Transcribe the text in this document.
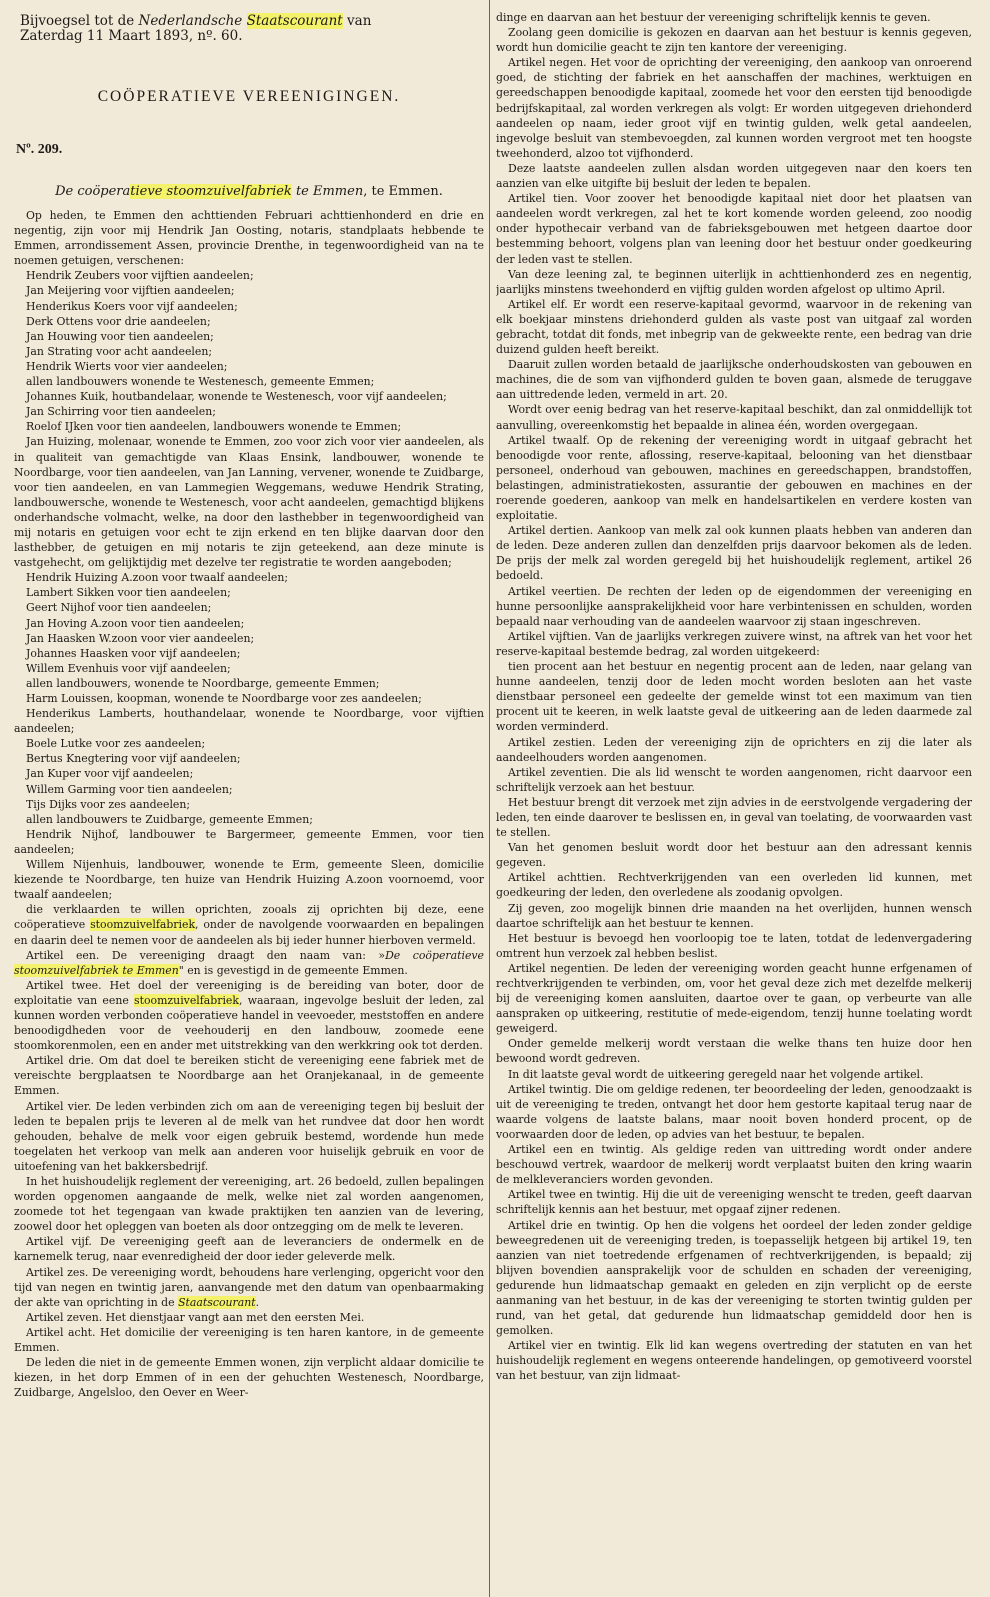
Bijvoegsel tot de Nederlandsche Staatscourant van
Zaterdag 11 Maart 1893, nº. 60.
COÖPERATIEVE VEREENIGINGEN.
Nº. 209.
De coöperatieve stoomzuivelfabriek te Emmen, te Emmen.

Op heden, te Emmen den achttienden Februari achttienhonderd en drie en negentig, zijn voor mij Hendrik Jan Oosting, notaris, standplaats hebbende te Emmen, arrondissement Assen, provincie Drenthe, in tegenwoordigheid van na te noemen getuigen, verschenen:

Hendrik Zeubers voor vijftien aandeelen;

Jan Meijering voor vijftien aandeelen;

Henderikus Koers voor vijf aandeelen;

Derk Ottens voor drie aandeelen;

Jan Houwing voor tien aandeelen;

Jan Strating voor acht aandeelen;

Hendrik Wierts voor vier aandeelen;

allen landbouwers wonende te Westenesch, gemeente Emmen;

Johannes Kuik, houtbandelaar, wonende te Westenesch, voor vijf aandeelen;

Jan Schirring voor tien aandeelen;

Roelof IJken voor tien aandeelen, landbouwers wonende te Emmen;

Jan Huizing, molenaar, wonende te Emmen, zoo voor zich voor vier aandeelen, als in qualiteit van gemachtigde van Klaas Ensink, landbouwer, wonende te Noordbarge, voor tien aandeelen, van Jan Lanning, vervener, wonende te Zuidbarge, voor tien aandeelen, en van Lammegien Weggemans, weduwe Hendrik Strating, landbouwersche, wonende te Westenesch, voor acht aandeelen, gemachtigd blijkens onderhandsche volmacht, welke, na door den lasthebber in tegenwoordigheid van mij notaris en getuigen voor echt te zijn erkend en ten blijke daarvan door den lasthebber, de getuigen en mij notaris te zijn geteekend, aan deze minute is vastgehecht, om gelijktijdig met dezelve ter registratie te worden aangeboden;

Hendrik Huizing A.zoon voor twaalf aandeelen;

Lambert Sikken voor tien aandeelen;

Geert Nijhof voor tien aandeelen;

Jan Hoving A.zoon voor tien aandeelen;

Jan Haasken W.zoon voor vier aandeelen;

Johannes Haasken voor vijf aandeelen;

Willem Evenhuis voor vijf aandeelen;

allen landbouwers, wonende te Noordbarge, gemeente Emmen;

Harm Louissen, koopman, wonende te Noordbarge voor zes aandeelen;

Henderikus Lamberts, houthandelaar, wonende te Noordbarge, voor vijftien aandeelen;

Boele Lutke voor zes aandeelen;

Bertus Knegtering voor vijf aandeelen;

Jan Kuper voor vijf aandeelen;

Willem Garming voor tien aandeelen;

Tijs Dijks voor zes aandeelen;

allen landbouwers te Zuidbarge, gemeente Emmen;

Hendrik Nijhof, landbouwer te Bargermeer, gemeente Emmen, voor tien aandeelen;

Willem Nijenhuis, landbouwer, wonende te Erm, gemeente Sleen, domicilie kiezende te Noordbarge, ten huize van Hendrik Huizing A.zoon voornoemd, voor twaalf aandeelen;

die verklaarden te willen oprichten, zooals zij oprichten bij deze, eene coöperatieve stoomzuivelfabriek, onder de navolgende voorwaarden en bepalingen en daarin deel te nemen voor de aandeelen als bij ieder hunner hierboven vermeld.

Artikel een. De vereeniging draagt den naam van: »De coöperatieve stoomzuivelfabriek te Emmen" en is gevestigd in de gemeente Emmen.

Artikel twee. Het doel der vereeniging is de bereiding van boter, door de exploitatie van eene stoomzuivelfabriek, waaraan, ingevolge besluit der leden, zal kunnen worden verbonden coöperatieve handel in veevoeder, meststoffen en andere benoodigdheden voor de veehouderij en den landbouw, zoomede eene stoomkorenmolen, een en ander met uitstrekking van den werkkring ook tot derden.

Artikel drie. Om dat doel te bereiken sticht de vereeniging eene fabriek met de vereischte bergplaatsen te Noordbarge aan het Oranjekanaal, in de gemeente Emmen.

Artikel vier. De leden verbinden zich om aan de vereeniging tegen bij besluit der leden te bepalen prijs te leveren al de melk van het rundvee dat door hen wordt gehouden, behalve de melk voor eigen gebruik bestemd, wordende hun mede toegelaten het verkoop van melk aan anderen voor huiselijk gebruik en voor de uitoefening van het bakkersbedrijf.

In het huishoudelijk reglement der vereeniging, art. 26 bedoeld, zullen bepalingen worden opgenomen aangaande de melk, welke niet zal worden aangenomen, zoomede tot het tegengaan van kwade praktijken ten aanzien van de levering, zoowel door het opleggen van boeten als door ontzegging om de melk te leveren.

Artikel vijf. De vereeniging geeft aan de leveranciers de ondermelk en de karnemelk terug, naar evenredigheid der door ieder geleverde melk.

Artikel zes. De vereeniging wordt, behoudens hare verlenging, opgericht voor den tijd van negen en twintig jaren, aanvangende met den datum van openbaarmaking der akte van oprichting in de Staatscourant.

Artikel zeven. Het dienstjaar vangt aan met den eersten Mei.

Artikel acht. Het domicilie der vereeniging is ten haren kantore, in de gemeente Emmen.

De leden die niet in de gemeente Emmen wonen, zijn verplicht aldaar domicilie te kiezen, in het dorp Emmen of in een der gehuchten Westenesch, Noordbarge, Zuidbarge, Angelsloo, den Oever en Weer-

dinge en daarvan aan het bestuur der vereeniging schriftelijk kennis te geven.

Zoolang geen domicilie is gekozen en daarvan aan het bestuur is kennis gegeven, wordt hun domicilie geacht te zijn ten kantore der vereeniging.

Artikel negen. Het voor de oprichting der vereeniging, den aankoop van onroerend goed, de stichting der fabriek en het aanschaffen der machines, werktuigen en gereedschappen benoodigde kapitaal, zoomede het voor den eersten tijd benoodigde bedrijfskapitaal, zal worden verkregen als volgt: Er worden uitgegeven driehonderd aandeelen op naam, ieder groot vijf en twintig gulden, welk getal aandeelen, ingevolge besluit van stembevoegden, zal kunnen worden vergroot met ten hoogste tweehonderd, alzoo tot vijfhonderd.

Deze laatste aandeelen zullen alsdan worden uitgegeven naar den koers ten aanzien van elke uitgifte bij besluit der leden te bepalen.

Artikel tien. Voor zoover het benoodigde kapitaal niet door het plaatsen van aandeelen wordt verkregen, zal het te kort komende worden geleend, zoo noodig onder hypothecair verband van de fabrieksgebouwen met hetgeen daartoe door bestemming behoort, volgens plan van leening door het bestuur onder goedkeuring der leden vast te stellen.

Van deze leening zal, te beginnen uiterlijk in achttienhonderd zes en negentig, jaarlijks minstens tweehonderd en vijftig gulden worden afgelost op ultimo April.

Artikel elf. Er wordt een reserve-kapitaal gevormd, waarvoor in de rekening van elk boekjaar minstens driehonderd gulden als vaste post van uitgaaf zal worden gebracht, totdat dit fonds, met inbegrip van de gekweekte rente, een bedrag van drie duizend gulden heeft bereikt.

Daaruit zullen worden betaald de jaarlijksche onderhoudskosten van gebouwen en machines, die de som van vijfhonderd gulden te boven gaan, alsmede de teruggave aan uittredende leden, vermeld in art. 20.

Wordt over eenig bedrag van het reserve-kapitaal beschikt, dan zal onmiddellijk tot aanvulling, overeenkomstig het bepaalde in alinea één, worden overgegaan.

Artikel twaalf. Op de rekening der vereeniging wordt in uitgaaf gebracht het benoodigde voor rente, aflossing, reserve-kapitaal, belooning van het dienstbaar personeel, onderhoud van gebouwen, machines en gereedschappen, brandstoffen, belastingen, administratiekosten, assurantie der gebouwen en machines en der roerende goederen, aankoop van melk en handelsartikelen en verdere kosten van exploitatie.

Artikel dertien. Aankoop van melk zal ook kunnen plaats hebben van anderen dan de leden. Deze anderen zullen dan denzelfden prijs daarvoor bekomen als de leden. De prijs der melk zal worden geregeld bij het huishoudelijk reglement, artikel 26 bedoeld.

Artikel veertien. De rechten der leden op de eigendommen der vereeniging en hunne persoonlijke aansprakelijkheid voor hare verbintenissen en schulden, worden bepaald naar verhouding van de aandeelen waarvoor zij staan ingeschreven.

Artikel vijftien. Van de jaarlijks verkregen zuivere winst, na aftrek van het voor het reserve-kapitaal bestemde bedrag, zal worden uitgekeerd:

tien procent aan het bestuur en negentig procent aan de leden, naar gelang van hunne aandeelen, tenzij door de leden mocht worden besloten aan het vaste dienstbaar personeel een gedeelte der gemelde winst tot een maximum van tien procent uit te keeren, in welk laatste geval de uitkeering aan de leden daarmede zal worden verminderd.

Artikel zestien. Leden der vereeniging zijn de oprichters en zij die later als aandeelhouders worden aangenomen.

Artikel zeventien. Die als lid wenscht te worden aangenomen, richt daarvoor een schriftelijk verzoek aan het bestuur.

Het bestuur brengt dit verzoek met zijn advies in de eerstvolgende vergadering der leden, ten einde daarover te beslissen en, in geval van toelating, de voorwaarden vast te stellen.

Van het genomen besluit wordt door het bestuur aan den adressant kennis gegeven.

Artikel achttien. Rechtverkrijgenden van een overleden lid kunnen, met goedkeuring der leden, den overledene als zoodanig opvolgen.

Zij geven, zoo mogelijk binnen drie maanden na het overlijden, hunnen wensch daartoe schriftelijk aan het bestuur te kennen.

Het bestuur is bevoegd hen voorloopig toe te laten, totdat de ledenvergadering omtrent hun verzoek zal hebben beslist.

Artikel negentien. De leden der vereeniging worden geacht hunne erfgenamen of rechtverkrijgenden te verbinden, om, voor het geval deze zich met dezelfde melkerij bij de vereeniging komen aansluiten, daartoe over te gaan, op verbeurte van alle aanspraken op uitkeering, restitutie of mede-eigendom, tenzij hunne toelating wordt geweigerd.

Onder gemelde melkerij wordt verstaan die welke thans ten huize door hen bewoond wordt gedreven.

In dit laatste geval wordt de uitkeering geregeld naar het volgende artikel.

Artikel twintig. Die om geldige redenen, ter beoordeeling der leden, genoodzaakt is uit de vereeniging te treden, ontvangt het door hem gestorte kapitaal terug naar de waarde volgens de laatste balans, maar nooit boven honderd procent, op de voorwaarden door de leden, op advies van het bestuur, te bepalen.

Artikel een en twintig. Als geldige reden van uittreding wordt onder andere beschouwd vertrek, waardoor de melkerij wordt verplaatst buiten den kring waarin de melkleveranciers worden gevonden.

Artikel twee en twintig. Hij die uit de vereeniging wenscht te treden, geeft daarvan schriftelijk kennis aan het bestuur, met opgaaf zijner redenen.

Artikel drie en twintig. Op hen die volgens het oordeel der leden zonder geldige beweegredenen uit de vereeniging treden, is toepasselijk hetgeen bij artikel 19, ten aanzien van niet toetredende erfgenamen of rechtverkrijgenden, is bepaald; zij blijven bovendien aansprakelijk voor de schulden en schaden der vereeniging, gedurende hun lidmaatschap gemaakt en geleden en zijn verplicht op de eerste aanmaning van het bestuur, in de kas der vereeniging te storten twintig gulden per rund, van het getal, dat gedurende hun lidmaatschap gemiddeld door hen is gemolken.

Artikel vier en twintig. Elk lid kan wegens overtreding der statuten en van het huishoudelijk reglement en wegens onteerende handelingen, op gemotiveerd voorstel van het bestuur, van zijn lidmaat-
